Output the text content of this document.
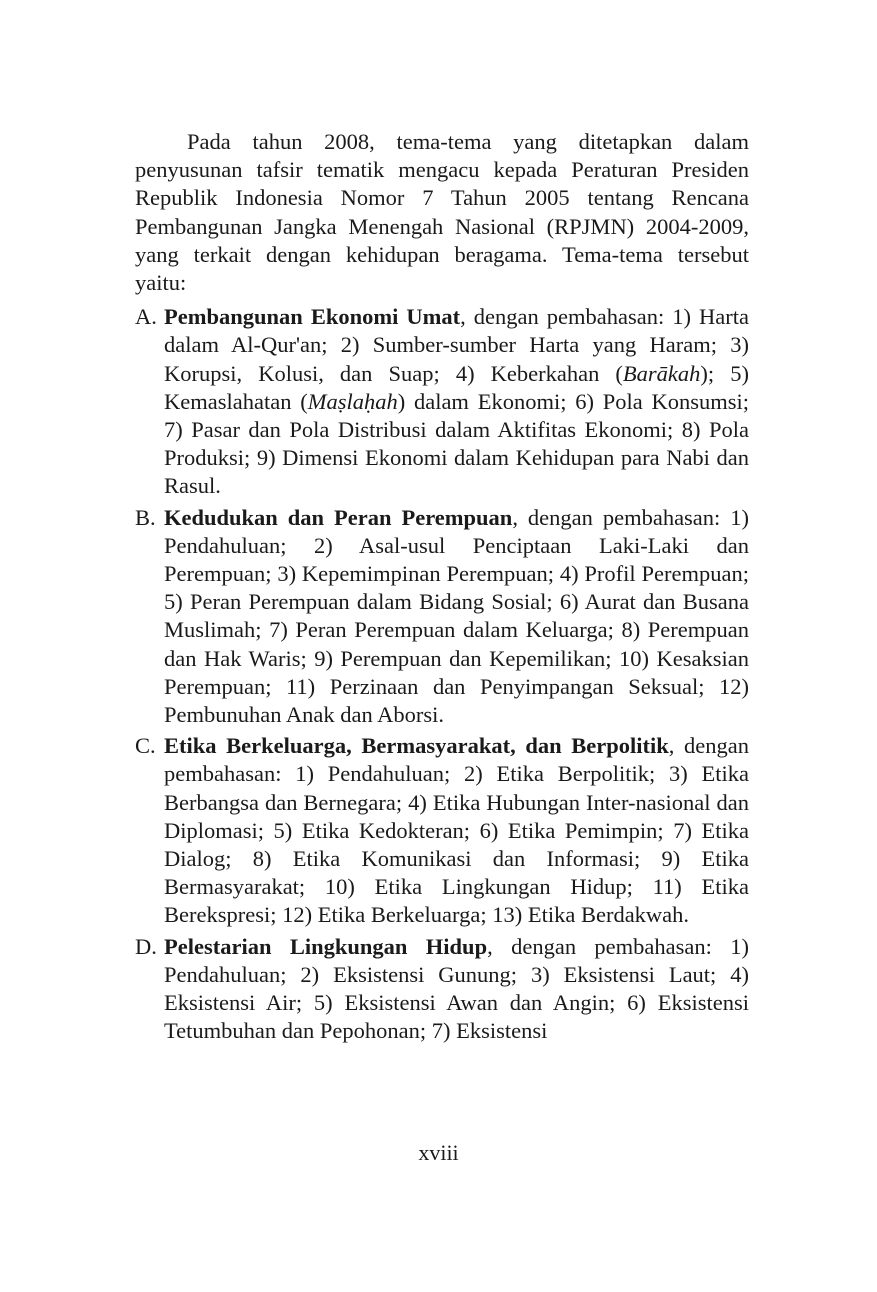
Pada tahun 2008, tema-tema yang ditetapkan dalam penyusunan tafsir tematik mengacu kepada Peraturan Presiden Republik Indonesia Nomor 7 Tahun 2005 tentang Rencana Pembangunan Jangka Menengah Nasional (RPJMN) 2004-2009, yang terkait dengan kehidupan beragama. Tema-tema tersebut yaitu:

A. Pembangunan Ekonomi Umat, dengan pembahasan: 1) Harta dalam Al-Qur'an; 2) Sumber-sumber Harta yang Haram; 3) Korupsi, Kolusi, dan Suap; 4) Keberkahan (Barākah); 5) Kemaslahatan (Maṣlaḥah) dalam Ekonomi; 6) Pola Konsumsi; 7) Pasar dan Pola Distribusi dalam Aktifitas Ekonomi; 8) Pola Produksi; 9) Dimensi Ekonomi dalam Kehidupan para Nabi dan Rasul.
B. Kedudukan dan Peran Perempuan, dengan pembahasan: 1) Pendahuluan; 2) Asal-usul Penciptaan Laki-Laki dan Perempuan; 3) Kepemimpinan Perempuan; 4) Profil Perempuan; 5) Peran Perempuan dalam Bidang Sosial; 6) Aurat dan Busana Muslimah; 7) Peran Perempuan dalam Keluarga; 8) Perempuan dan Hak Waris; 9) Perempuan dan Kepemilikan; 10) Kesaksian Perempuan; 11) Perzinaan dan Penyimpangan Seksual; 12) Pembunuhan Anak dan Aborsi.
C. Etika Berkeluarga, Bermasyarakat, dan Berpolitik, dengan pembahasan: 1) Pendahuluan; 2) Etika Berpolitik; 3) Etika Berbangsa dan Bernegara; 4) Etika Hubungan Inter-nasional dan Diplomasi; 5) Etika Kedokteran; 6) Etika Pemimpin; 7) Etika Dialog; 8) Etika Komunikasi dan Informasi; 9) Etika Bermasyarakat; 10) Etika Lingkungan Hidup; 11) Etika Berekspresi; 12) Etika Berkeluarga; 13) Etika Berdakwah.
D. Pelestarian Lingkungan Hidup, dengan pembahasan: 1) Pendahuluan; 2) Eksistensi Gunung; 3) Eksistensi Laut; 4) Eksistensi Air; 5) Eksistensi Awan dan Angin; 6) Eksistensi Tetumbuhan dan Pepohonan; 7) Eksistensi
xviii
